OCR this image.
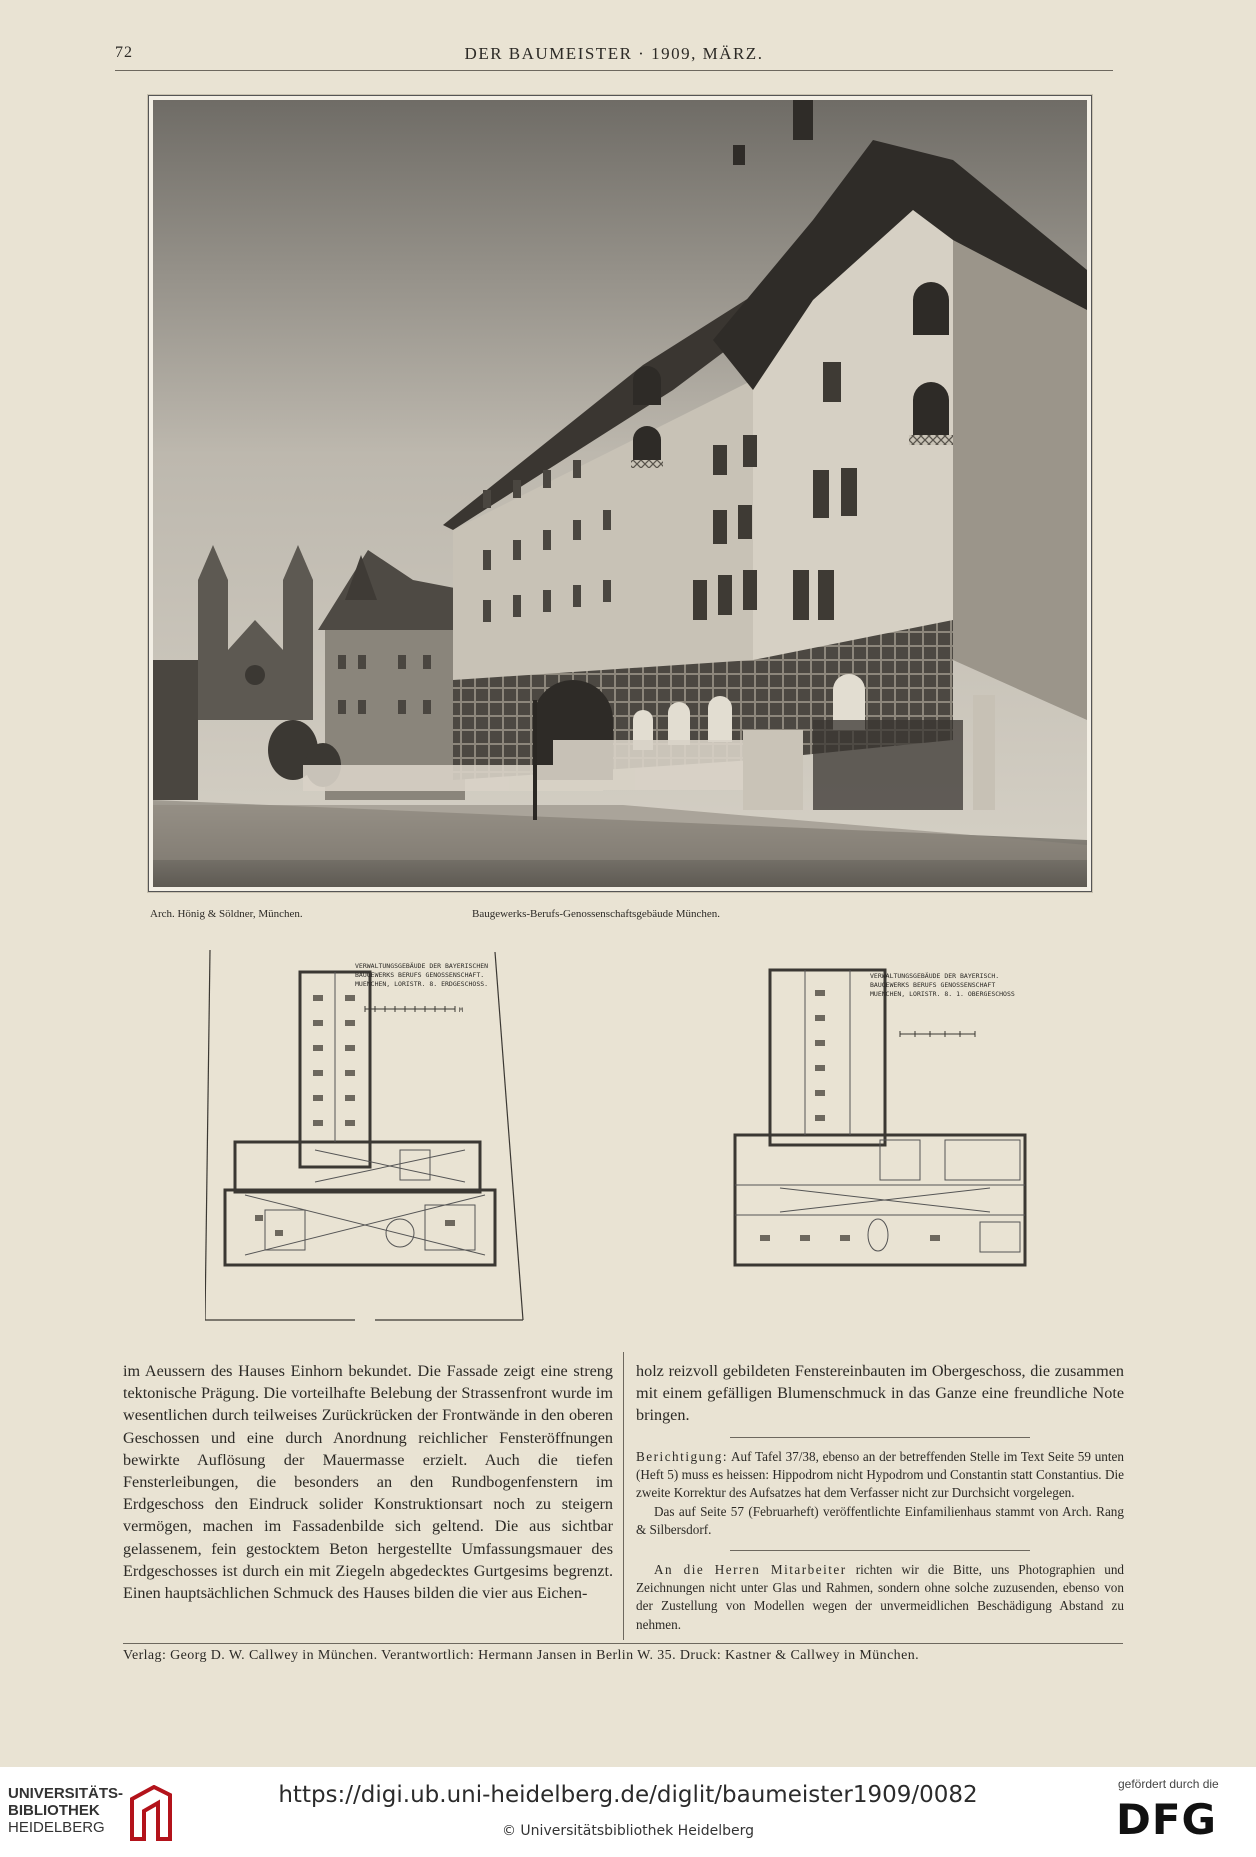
72	DER BAUMEISTER · 1909, MÄRZ.
Arch. Hönig & Söldner, München.	Baugewerks-Berufs-Genossenschaftsgebäude München.
VERWALTUNGSGEBÄUDE DER BAYERISCHEN
BAUGEWERKS BERUFS GENOSSENSCHAFT.
MUENCHEN, LORISTR. 8. ERDGESCHOSS.
M
VERWALTUNGSGEBÄUDE DER BAYERISCH.
BAUGEWERKS BERUFS GENOSSENSCHAFT
MUENCHEN, LORISTR. 8. 1. OBERGESCHOSS
im Aeussern des Hauses Einhorn bekundet. Die Fassade zeigt eine streng tektonische Prägung. Die vorteilhafte Belebung der Strassenfront wurde im wesentlichen durch teilweises Zurückrücken der Frontwände in den oberen Geschossen und eine durch Anordnung reichlicher Fensteröffnungen bewirkte Auflösung der Mauermasse erzielt. Auch die tiefen Fensterleibungen, die besonders an den Rundbogenfenstern im Erdgeschoss den Eindruck solider Konstruktionsart noch zu steigern vermögen, machen im Fassadenbilde sich geltend. Die aus sichtbar gelassenem, fein gestocktem Beton hergestellte Umfassungsmauer des Erdgeschosses ist durch ein mit Ziegeln abgedecktes Gurtgesims begrenzt. Einen hauptsächlichen Schmuck des Hauses bilden die vier aus Eichen-
holz reizvoll gebildeten Fenstereinbauten im Obergeschoss, die zusammen mit einem gefälligen Blumenschmuck in das Ganze eine freundliche Note bringen.

Berichtigung: Auf Tafel 37/38, ebenso an der betreffenden Stelle im Text Seite 59 unten (Heft 5) muss es heissen: Hippodrom nicht Hypodrom und Constantin statt Constantius. Die zweite Korrektur des Aufsatzes hat dem Verfasser nicht zur Durchsicht vorgelegen.

Das auf Seite 57 (Februarheft) veröffentlichte Einfamilienhaus stammt von Arch. Rang & Silbersdorf.

An die Herren Mitarbeiter richten wir die Bitte, uns Photographien und Zeichnungen nicht unter Glas und Rahmen, sondern ohne solche zuzusenden, ebenso von der Zustellung von Modellen wegen der unvermeidlichen Beschädigung Abstand zu nehmen.

Verlag: Georg D. W. Callwey in München. Verantwortlich: Hermann Jansen in Berlin W. 35. Druck: Kastner & Callwey in München.
UNIVERSITÄTS-
BIBLIOTHEK
HEIDELBERG
https://digi.ub.uni-heidelberg.de/diglit/baumeister1909/0082
© Universitätsbibliothek Heidelberg
gefördert durch die
DFG
